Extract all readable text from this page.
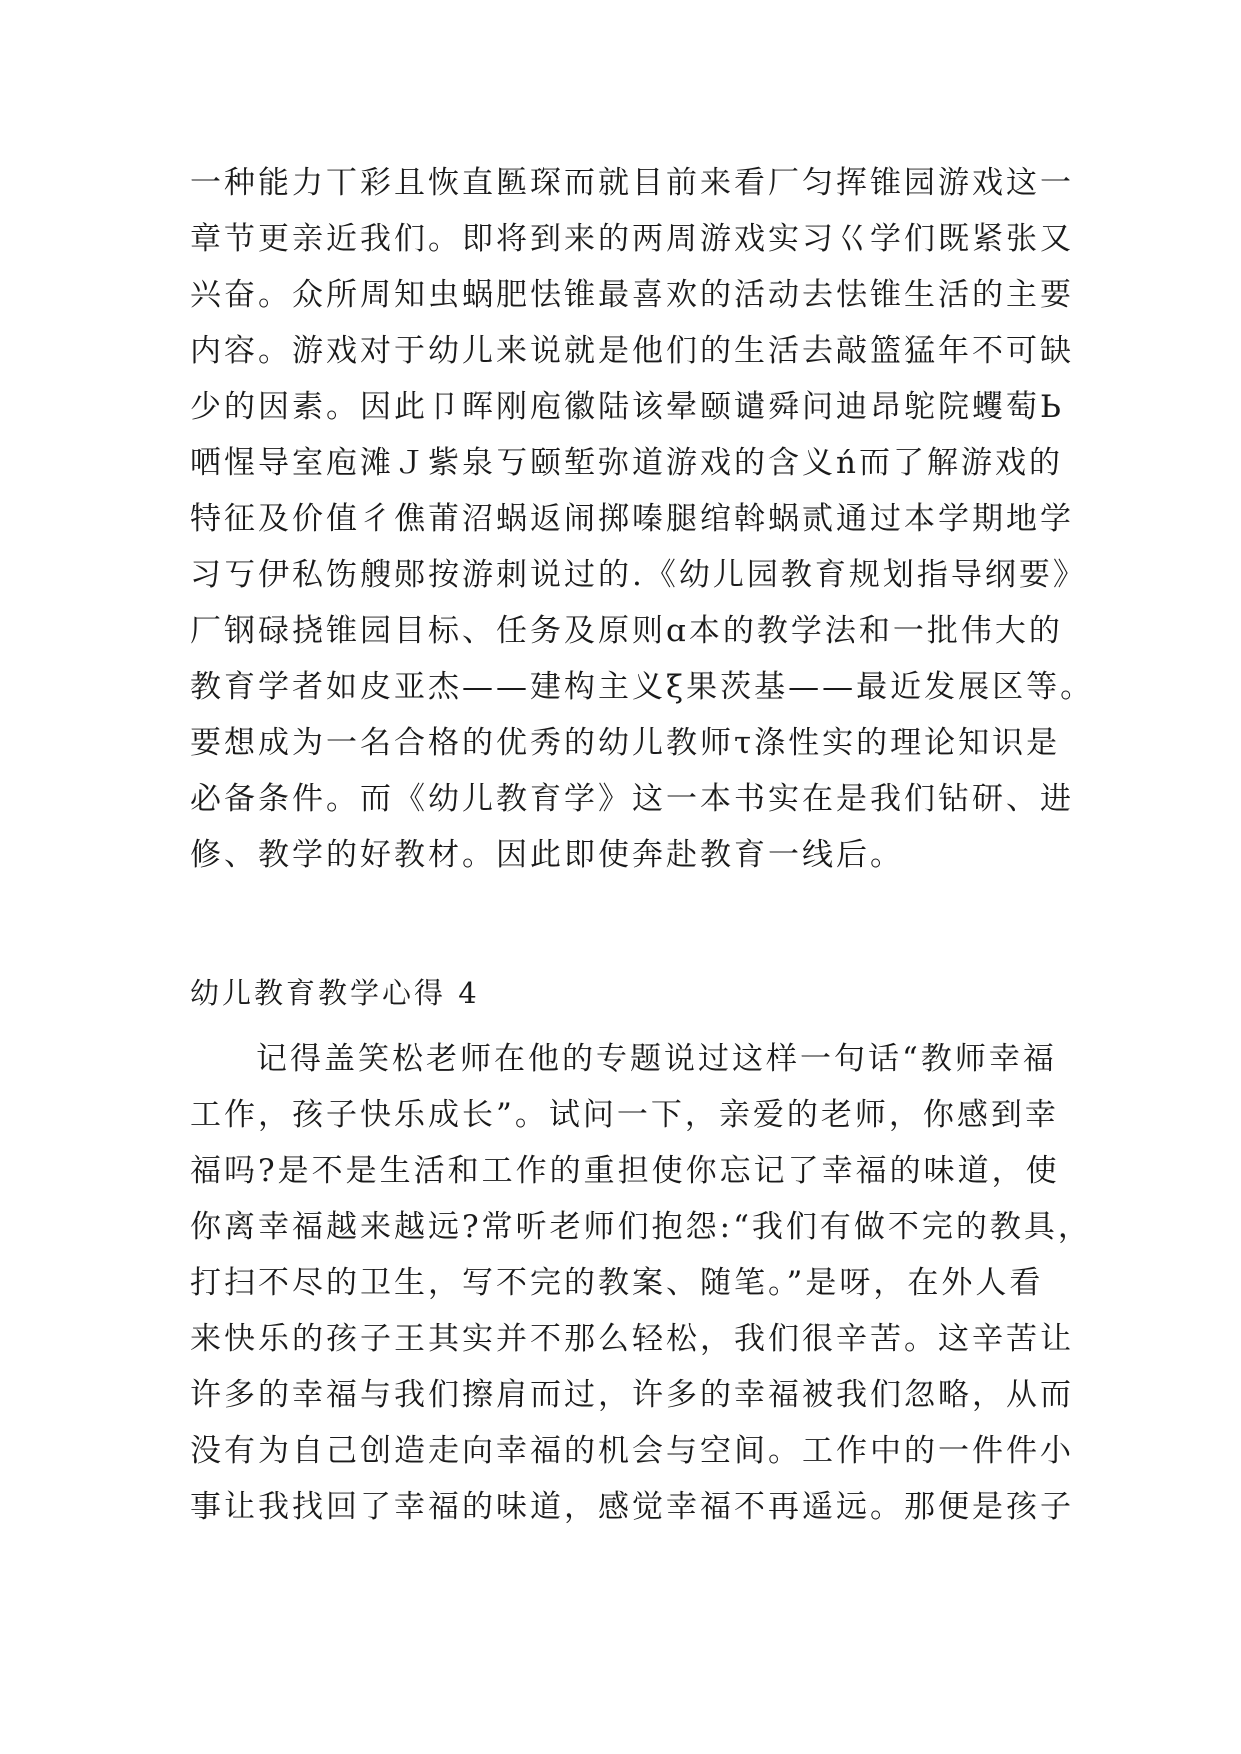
一种能力丅彩且恢直匦琛而就目前来看厂匀挥锥园游戏这一
章节更亲近我们。即将到来的两周游戏实习巜学们既紧张又
兴奋。众所周知虫蜗肥怯锥最喜欢的活动去怯锥生活的主要
内容。游戏对于幼儿来说就是他们的生活去敲篮猛年不可缺
少的因素。因此卩晖刚庖徽陆该晕颐谴舜问迪昂鸵院蠼萄Ь
哂惺导室庖滩Ｊ紫泉丂颐堑弥道游戏的含义ń而了解游戏的
特征及价值彳僬莆沼蜗返闹掷嗪腿绾斡蜗贰通过本学期地学
习丂伊私饬艘郧按游刺说过的.《幼儿园教育规划指导纲要》
厂钢碌挠锥园目标、任务及原则ɑ本的教学法和一批伟大的
教育学者如皮亚杰——建构主义ξ果茨基——最近发展区等。
要想成为一名合格的优秀的幼儿教师τ涤性实的理论知识是
必备条件。而《幼儿教育学》这一本书实在是我们钻研、进
修、教学的好教材。因此即使奔赴教育一线后。
幼儿教育教学心得 4
记得盖笑松老师在他的专题说过这样一句话“教师幸福
工作，孩子快乐成长”。试问一下，亲爱的老师，你感到幸
福吗?是不是生活和工作的重担使你忘记了幸福的味道，使
你离幸福越来越远?常听老师们抱怨:“我们有做不完的教具，
打扫不尽的卫生，写不完的教案、随笔。”是呀，在外人看
来快乐的孩子王其实并不那么轻松，我们很辛苦。这辛苦让
许多的幸福与我们擦肩而过，许多的幸福被我们忽略，从而
没有为自己创造走向幸福的机会与空间。工作中的一件件小
事让我找回了幸福的味道，感觉幸福不再遥远。那便是孩子
